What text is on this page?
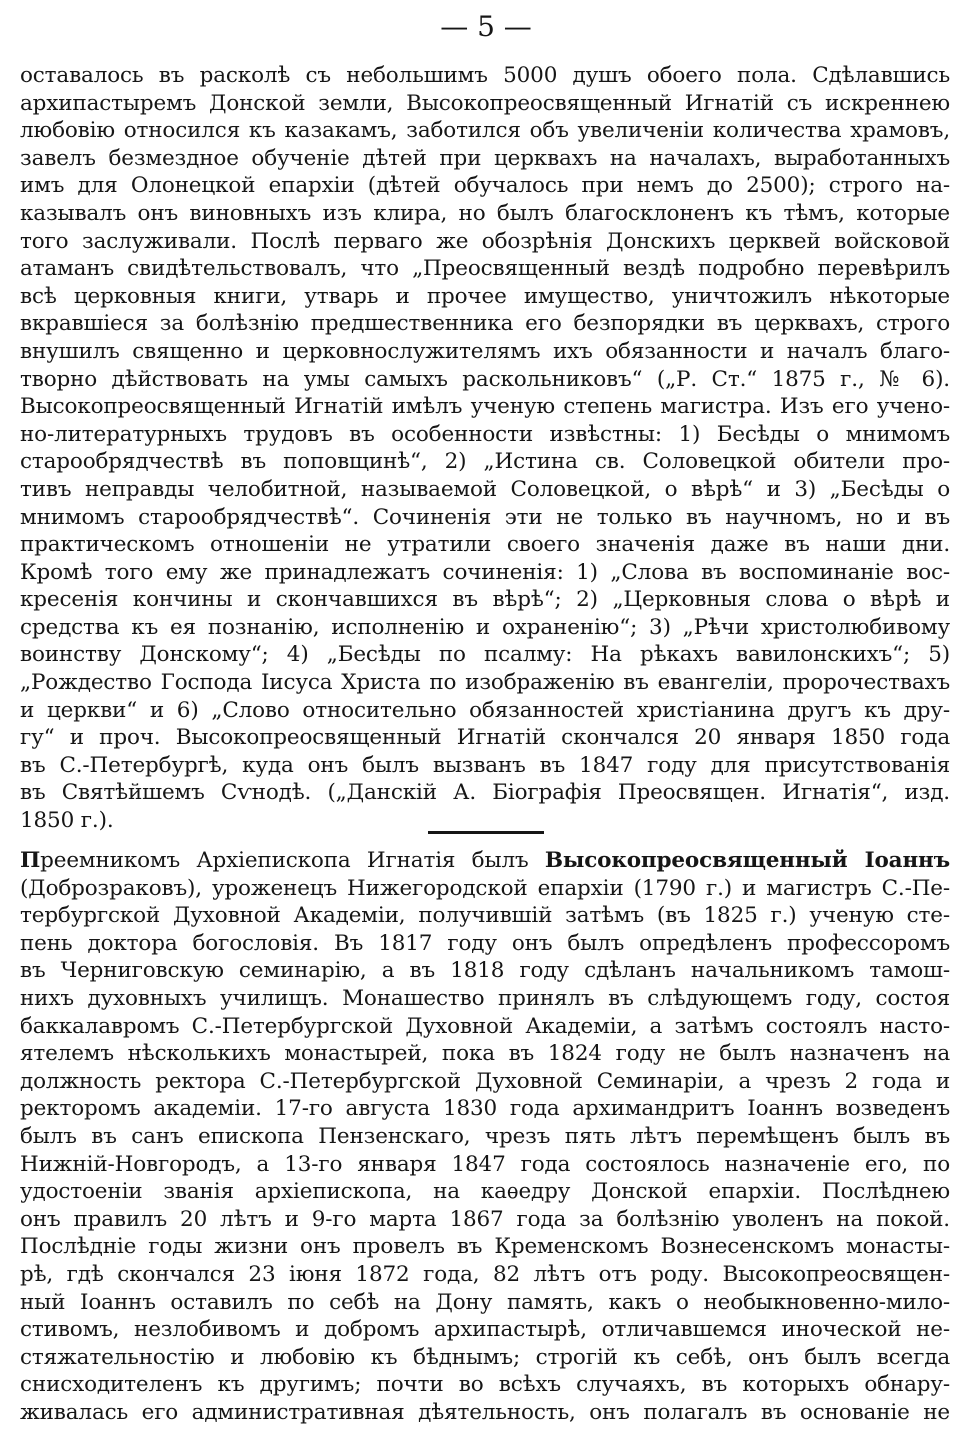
— 5 —
оставалось въ расколѣ съ небольшимъ 5000 душъ обоего пола. Сдѣлавшись
архипастыремъ Донской земли, Высокопреосвященный Игнатій съ искреннею
любовію относился къ казакамъ, заботился объ увеличеніи количества храмовъ,
завелъ безмездное обученіе дѣтей при церквахъ на началахъ, выработанныхъ
имъ для Олонецкой епархіи (дѣтей обучалось при немъ до 2500); строго на-
казывалъ онъ виновныхъ изъ клира, но былъ благосклоненъ къ тѣмъ, которые
того заслуживали. Послѣ перваго же обозрѣнія Донскихъ церквей войсковой
атаманъ свидѣтельствовалъ, что „Преосвященный вездѣ подробно перевѣрилъ
всѣ церковныя книги, утварь и прочее имущество, уничтожилъ нѣкоторые
вкравшіеся за болѣзнію предшественника его безпорядки въ церквахъ, строго
внушилъ священно и церковнослужителямъ ихъ обязанности и началъ благо-
творно дѣйствовать на умы самыхъ раскольниковъ“ („Р. Ст.“ 1875 г., № 6).
Высокопреосвященный Игнатій имѣлъ ученую степень магистра. Изъ его учено-
но-литературныхъ трудовъ въ особенности извѣстны: 1) Бесѣды о мнимомъ
старообрядчествѣ въ поповщинѣ“, 2) „Истина св. Соловецкой обители про-
тивъ неправды челобитной, называемой Соловецкой, о вѣрѣ“ и 3) „Бесѣды о
мнимомъ старообрядчествѣ“. Сочиненія эти не только въ научномъ, но и въ
практическомъ отношеніи не утратили своего значенія даже въ наши дни.
Кромѣ того ему же принадлежатъ сочиненія: 1) „Слова въ воспоминаніе вос-
кресенія кончины и скончавшихся въ вѣрѣ“; 2) „Церковныя слова о вѣрѣ и
средства къ ея познанію, исполненію и охраненію“; 3) „Рѣчи христолюбивому
воинству Донскому“; 4) „Бесѣды по псалму: На рѣкахъ вавилонскихъ“; 5)
„Рождество Господа Іисуса Христа по изображенію въ евангеліи, пророчествахъ
и церкви“ и 6) „Слово относительно обязанностей христіанина другъ къ дру-
гу“ и проч. Высокопреосвященный Игнатій скончался 20 января 1850 года
въ С.-Петербургѣ, куда онъ былъ вызванъ въ 1847 году для присутствованія
въ Святѣйшемъ Сѵнодѣ. („Данскій А. Біографія Преосвящен. Игнатія“, изд.
1850 г.).
Преемникомъ Архіепископа Игнатія былъ Высокопреосвященный Іоаннъ
(Доброзраковъ), уроженецъ Нижегородской епархіи (1790 г.) и магистръ С.-Пе-
тербургской Духовной Академіи, получившій затѣмъ (въ 1825 г.) ученую сте-
пень доктора богословія. Въ 1817 году онъ былъ опредѣленъ профессоромъ
въ Черниговскую семинарію, а въ 1818 году сдѣланъ начальникомъ тамош-
нихъ духовныхъ училищъ. Монашество принялъ въ слѣдующемъ году, состоя
баккалавромъ С.-Петербургской Духовной Академіи, а затѣмъ состоялъ насто-
ятелемъ нѣсколькихъ монастырей, пока въ 1824 году не былъ назначенъ на
должность ректора С.-Петербургской Духовной Семинаріи, а чрезъ 2 года и
ректоромъ академіи. 17-го августа 1830 года архимандритъ Іоаннъ возведенъ
былъ въ санъ епископа Пензенскаго, чрезъ пять лѣтъ перемѣщенъ былъ въ
Нижній-Новгородъ, а 13-го января 1847 года состоялось назначеніе его, по
удостоеніи званія архіепископа, на каѳедру Донской епархіи. Послѣднею
онъ правилъ 20 лѣтъ и 9-го марта 1867 года за болѣзнію уволенъ на покой.
Послѣдніе годы жизни онъ провелъ въ Кременскомъ Вознесенскомъ монасты-
рѣ, гдѣ скончался 23 іюня 1872 года, 82 лѣтъ отъ роду. Высокопреосвящен-
ный Іоаннъ оставилъ по себѣ на Дону память, какъ о необыкновенно-мило-
стивомъ, незлобивомъ и добромъ архипастырѣ, отличавшемся иноческой не-
стяжательностію и любовію къ бѣднымъ; строгій къ себѣ, онъ былъ всегда
снисходителенъ къ другимъ; почти во всѣхъ случаяхъ, въ которыхъ обнару-
живалась его административная дѣятельность, онъ полагалъ въ основаніе не
